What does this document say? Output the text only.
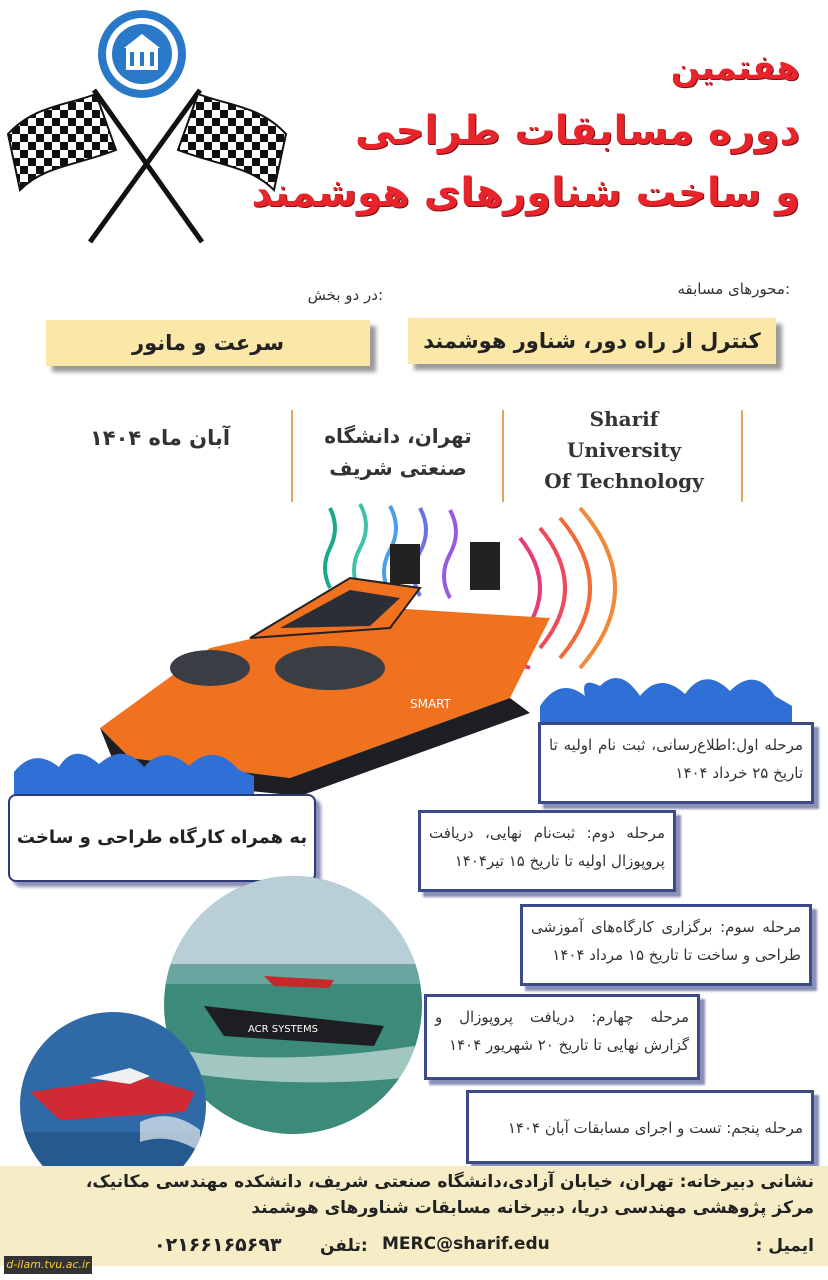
هفتمین
دوره مسابقات طراحی
و ساخت شناورهای هوشمند
محورهای مسابقه:
در دو بخش:
کنترل از راه دور، شناور هوشمند
سرعت و مانور
Sharif
University
Of Technology
تهران، دانشگاه
صنعتی شریف
آبان ماه ۱۴۰۴
SMART
به همراه کارگاه طراحی و ساخت
ACR SYSTEMS
مرحله اول:اطلاع‌رسانی، ثبت نام اولیه تا تاریخ ۲۵ خرداد ۱۴۰۴
مرحله دوم: ثبت‌نام نهایی، دریافت پروپوزال اولیه تا تاریخ ۱۵ تیر۱۴۰۴
مرحله سوم: برگزاری کارگاه‌های آموزشی طراحی و ساخت تا تاریخ ۱۵ مرداد ۱۴۰۴
مرحله چهارم: دریافت پروپوزال و گزارش نهایی تا تاریخ ۲۰ شهریور ۱۴۰۴
مرحله پنجم: تست و اجرای مسابقات آبان ۱۴۰۴
نشانی دبیرخانه: تهران، خیابان آزادی،دانشگاه صنعتی شریف، دانشکده مهندسی مکانیک،
مرکز پژوهشی مهندسی دریا، دبیرخانه مسابقات شناورهای هوشمند
ایمیل :
MERC@sharif.edu
تلفن:
۰۲۱۶۶۱۶۵۶۹۳
d-ilam.tvu.ac.ir
